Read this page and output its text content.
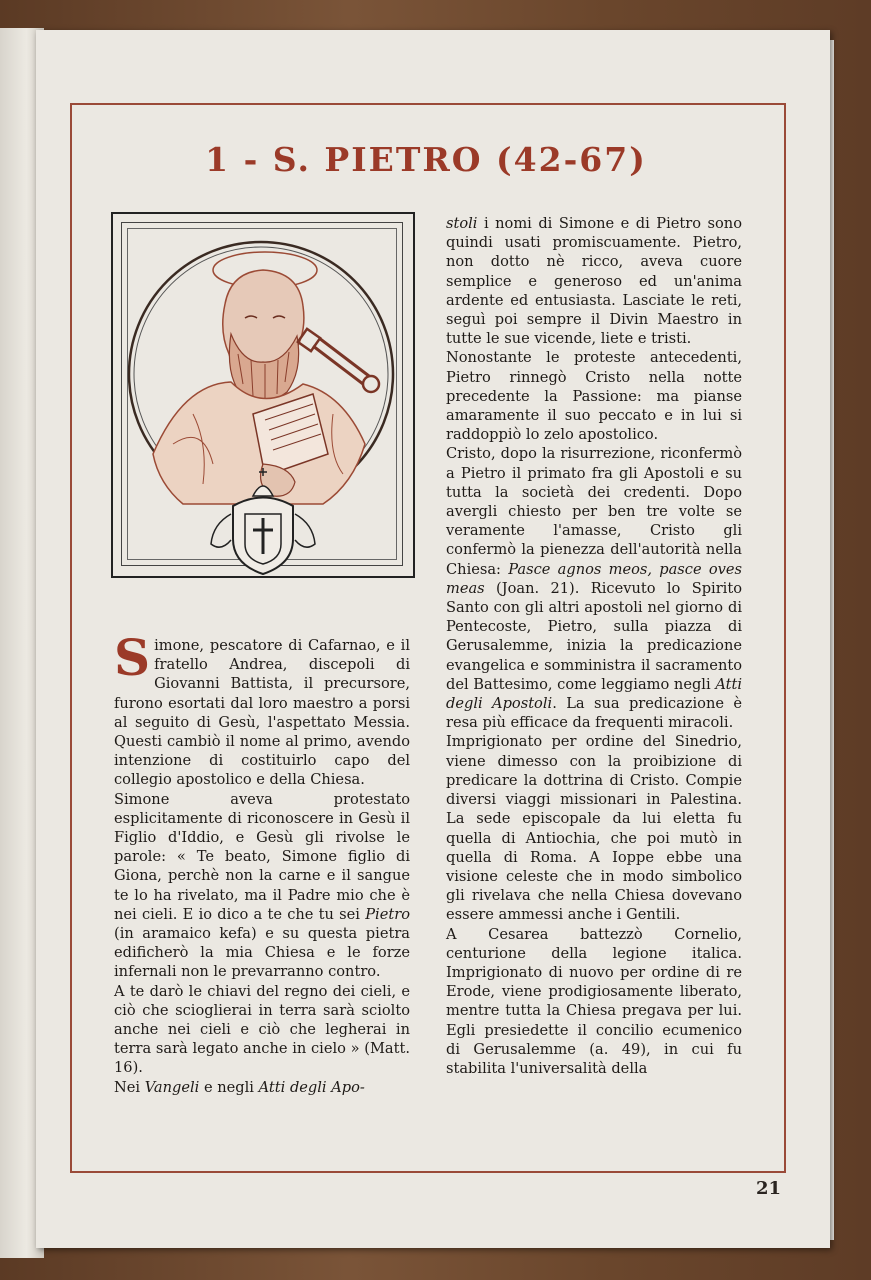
1 - S. PIETRO (42-67)

Simone, pescatore di Cafarnao, e il fratello Andrea, discepoli di Giovanni Battista, il precursore, furono esortati dal loro maestro a porsi al seguito di Gesù, l'aspettato Messia. Questi cambiò il nome al primo, avendo intenzione di costituirlo capo del collegio apostolico e della Chiesa.

Simone aveva protestato esplicitamente di riconoscere in Gesù il Figlio d'Iddio, e Gesù gli rivolse le parole: « Te beato, Simone figlio di Giona, perchè non la carne e il sangue te lo ha rivelato, ma il Padre mio che è nei cieli. E io dico a te che tu sei Pietro (in aramaico kefa) e su questa pietra edificherò la mia Chiesa e le forze infernali non le prevarranno contro.

A te darò le chiavi del regno dei cieli, e ciò che scioglierai in terra sarà sciolto anche nei cieli e ciò che legherai in terra sarà legato anche in cielo » (Matt. 16).

Nei Vangeli e negli Atti degli Apo-

stoli i nomi di Simone e di Pietro sono quindi usati promiscuamente. Pietro, non dotto nè ricco, aveva cuore semplice e generoso ed un'anima ardente ed entusiasta. Lasciate le reti, seguì poi sempre il Divin Maestro in tutte le sue vicende, liete e tristi.

Nonostante le proteste antecedenti, Pietro rinnegò Cristo nella notte precedente la Passione: ma pianse amaramente il suo peccato e in lui si raddoppiò lo zelo apostolico.

Cristo, dopo la risurrezione, riconfermò a Pietro il primato fra gli Apostoli e su tutta la società dei credenti. Dopo avergli chiesto per ben tre volte se veramente l'amasse, Cristo gli confermò la pienezza dell'autorità nella Chiesa: Pasce agnos meos, pasce oves meas (Joan. 21). Ricevuto lo Spirito Santo con gli altri apostoli nel giorno di Pentecoste, Pietro, sulla piazza di Gerusalemme, inizia la predicazione evangelica e somministra il sacramento del Battesimo, come leggiamo negli Atti degli Apostoli. La sua predicazione è resa più efficace da frequenti miracoli.

Imprigionato per ordine del Sinedrio, viene dimesso con la proibizione di predicare la dottrina di Cristo. Compie diversi viaggi missionari in Palestina. La sede episcopale da lui eletta fu quella di Antiochia, che poi mutò in quella di Roma. A Ioppe ebbe una visione celeste che in modo simbolico gli rivelava che nella Chiesa dovevano essere ammessi anche i Gentili.

A Cesarea battezzò Cornelio, centurione della legione italica. Imprigionato di nuovo per ordine di re Erode, viene prodigiosamente liberato, mentre tutta la Chiesa pregava per lui. Egli presiedette il concilio ecumenico di Gerusalemme (a. 49), in cui fu stabilita l'universalità della

21
